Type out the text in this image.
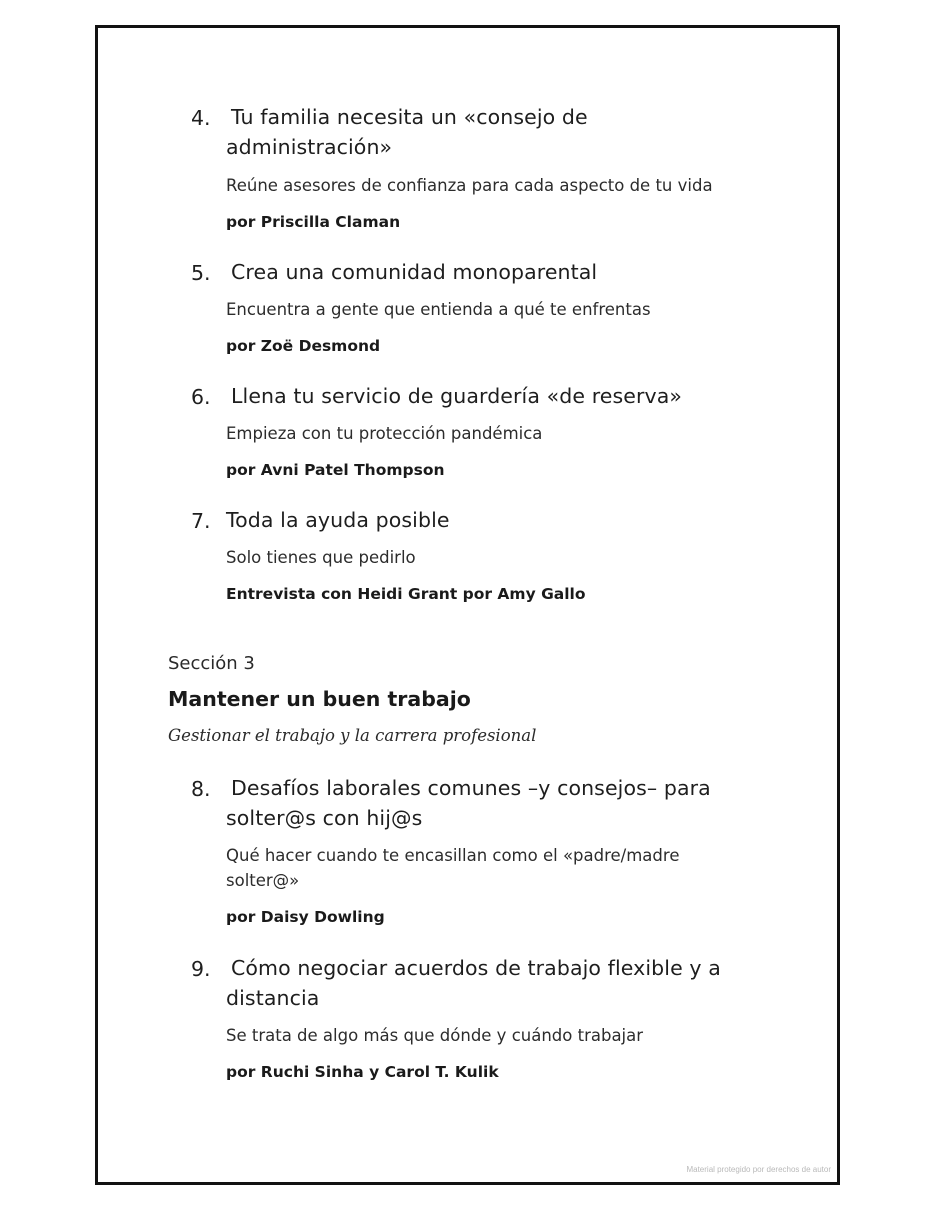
4. Tu familia necesita un «consejo de
administración»
Reúne asesores de confianza para cada aspecto de tu vida
por Priscilla Claman
5. Crea una comunidad monoparental
Encuentra a gente que entienda a qué te enfrentas
por Zoë Desmond
6. Llena tu servicio de guardería «de reserva»
Empieza con tu protección pandémica
por Avni Patel Thompson
7. Toda la ayuda posible
Solo tienes que pedirlo
Entrevista con Heidi Grant por Amy Gallo
Sección 3
Mantener un buen trabajo
Gestionar el trabajo y la carrera profesional
8. Desafíos laborales comunes –y consejos– para
solter@s con hij@s
Qué hacer cuando te encasillan como el «padre/madre
solter@»
por Daisy Dowling
9. Cómo negociar acuerdos de trabajo flexible y a
distancia
Se trata de algo más que dónde y cuándo trabajar
por Ruchi Sinha y Carol T. Kulik
Material protegido por derechos de autor
